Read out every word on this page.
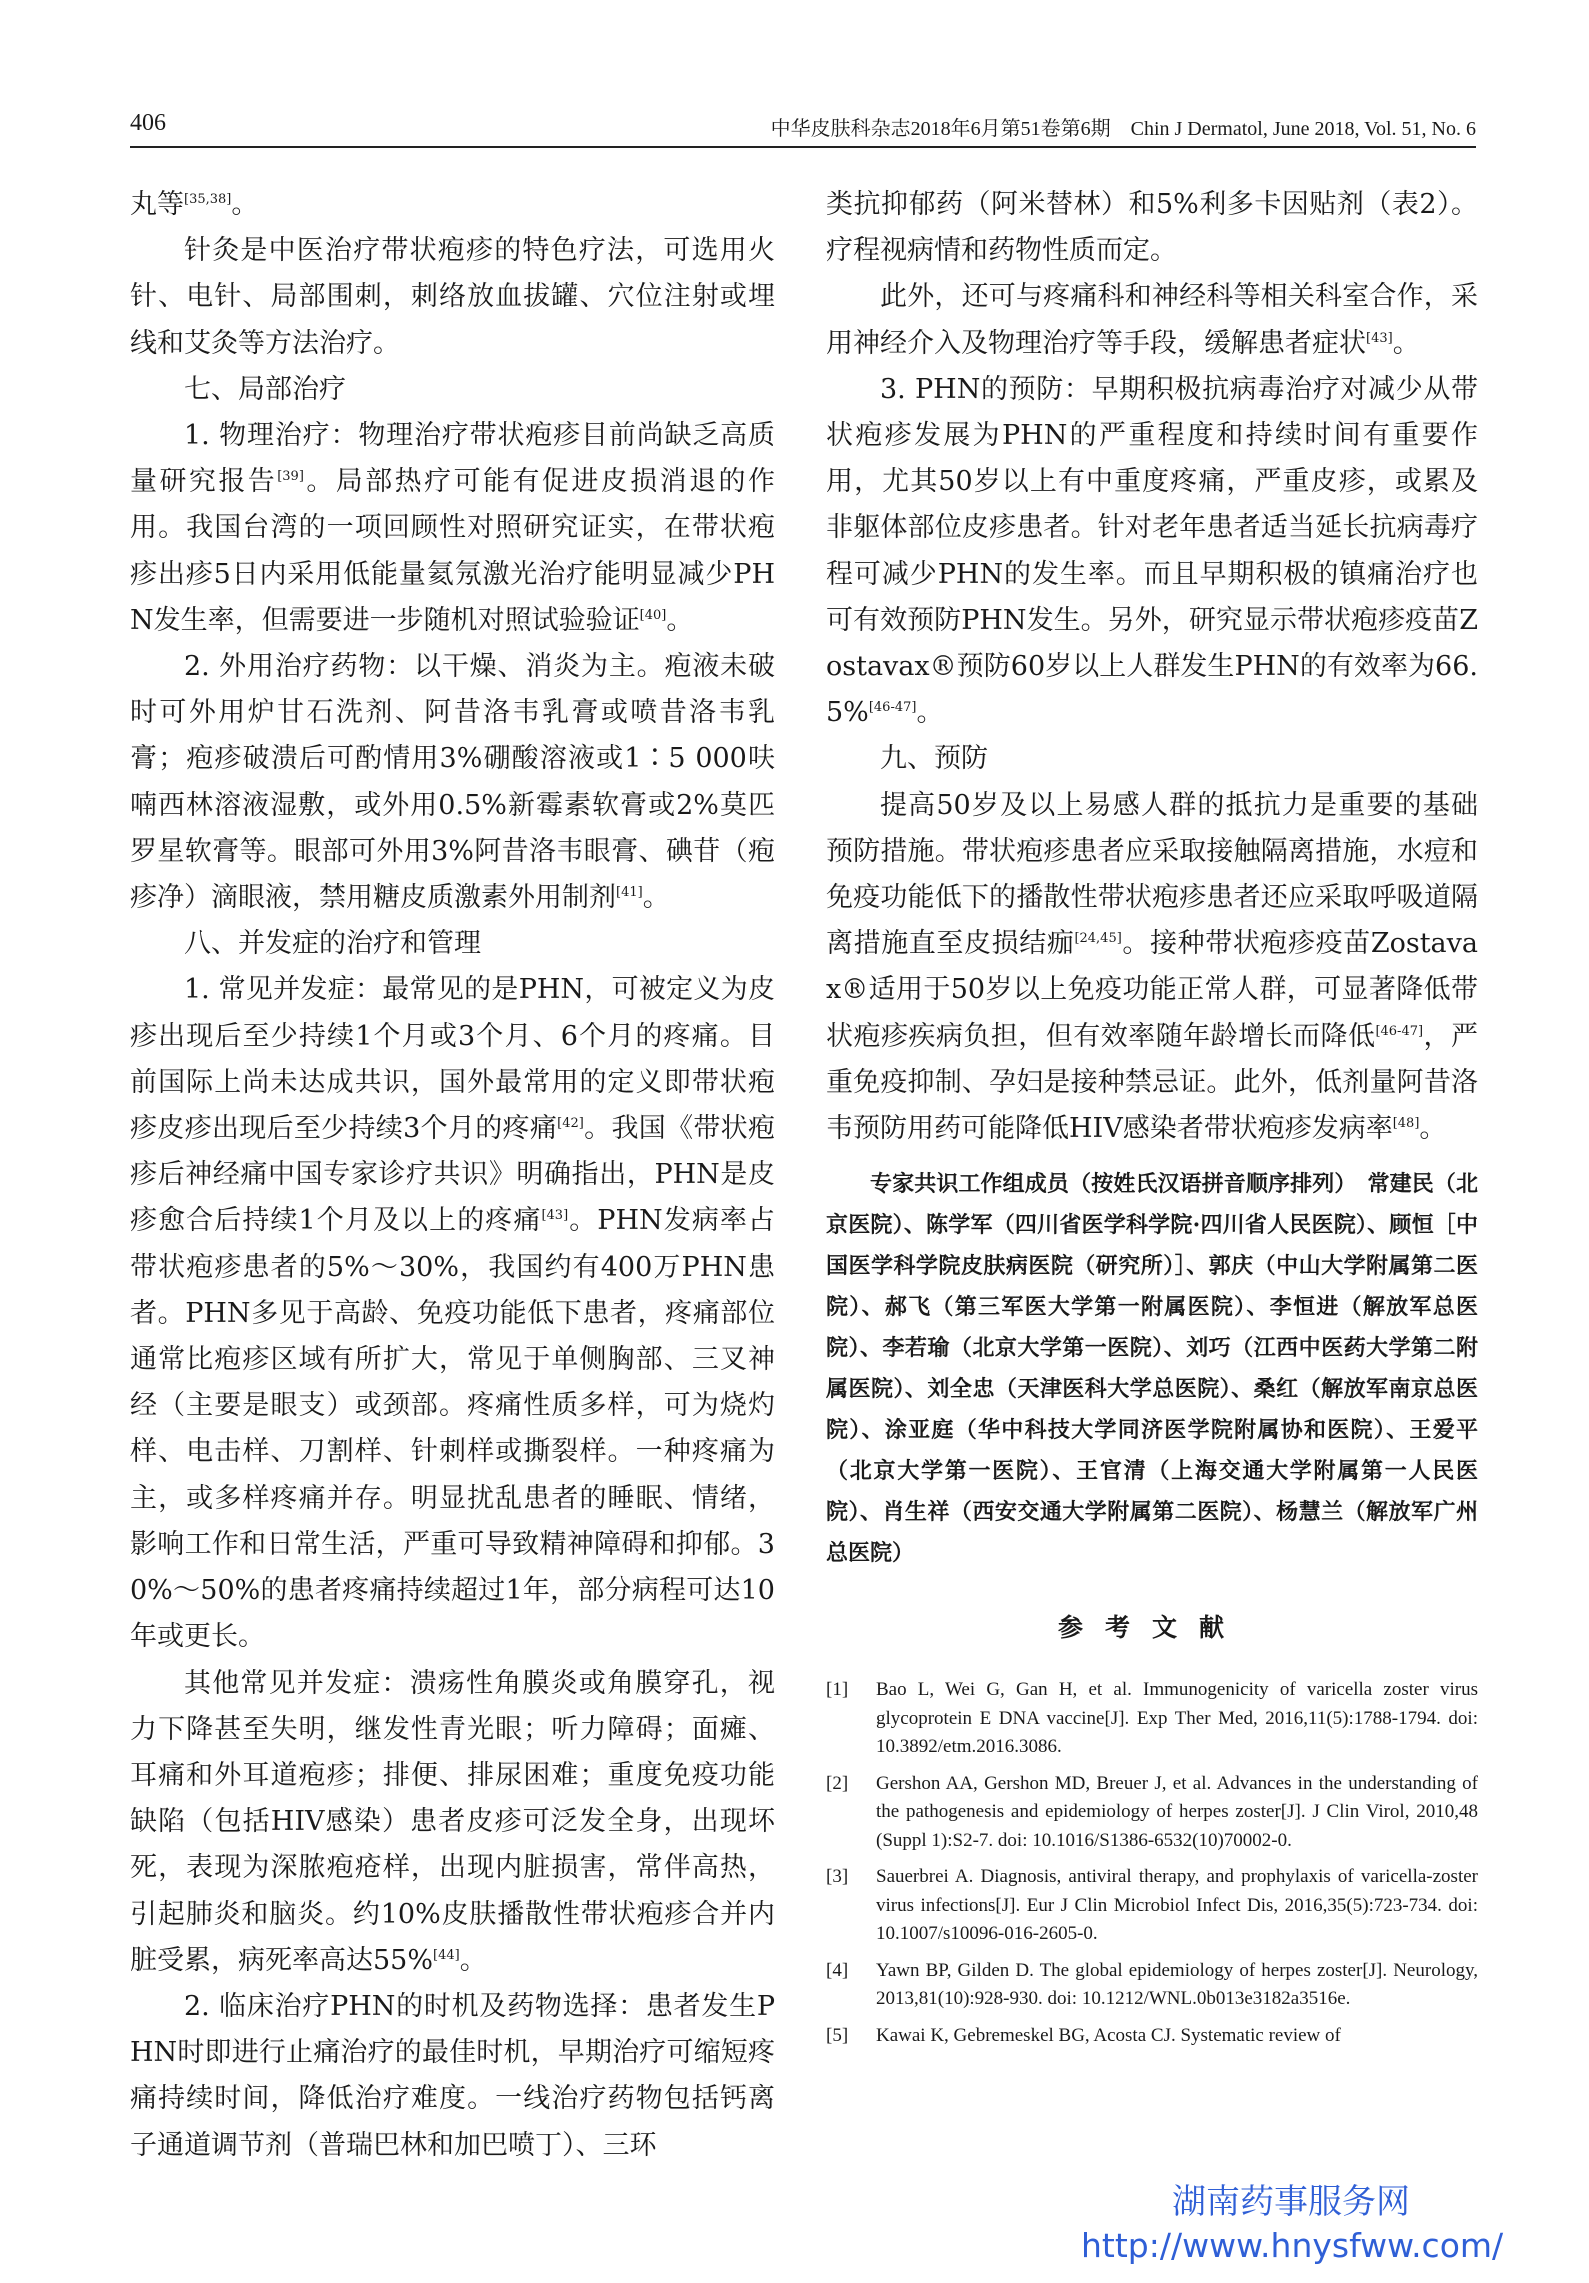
406	中华皮肤科杂志2018年6月第51卷第6期　Chin J Dermatol, June 2018, Vol. 51, No. 6

丸等[35,38]。

针灸是中医治疗带状疱疹的特色疗法，可选用火针、电针、局部围刺，刺络放血拔罐、穴位注射或埋线和艾灸等方法治疗。

七、局部治疗

1. 物理治疗：物理治疗带状疱疹目前尚缺乏高质量研究报告[39]。局部热疗可能有促进皮损消退的作用。我国台湾的一项回顾性对照研究证实，在带状疱疹出疹5日内采用低能量氦氖激光治疗能明显减少PHN发生率，但需要进一步随机对照试验验证[40]。

2. 外用治疗药物：以干燥、消炎为主。疱液未破时可外用炉甘石洗剂、阿昔洛韦乳膏或喷昔洛韦乳膏；疱疹破溃后可酌情用3%硼酸溶液或1∶5 000呋喃西林溶液湿敷，或外用0.5%新霉素软膏或2%莫匹罗星软膏等。眼部可外用3%阿昔洛韦眼膏、碘苷（疱疹净）滴眼液，禁用糖皮质激素外用制剂[41]。

八、并发症的治疗和管理

1. 常见并发症：最常见的是PHN，可被定义为皮疹出现后至少持续1个月或3个月、6个月的疼痛。目前国际上尚未达成共识，国外最常用的定义即带状疱疹皮疹出现后至少持续3个月的疼痛[42]。我国《带状疱疹后神经痛中国专家诊疗共识》明确指出，PHN是皮疹愈合后持续1个月及以上的疼痛[43]。PHN发病率占带状疱疹患者的5%～30%，我国约有400万PHN患者。PHN多见于高龄、免疫功能低下患者，疼痛部位通常比疱疹区域有所扩大，常见于单侧胸部、三叉神经（主要是眼支）或颈部。疼痛性质多样，可为烧灼样、电击样、刀割样、针刺样或撕裂样。一种疼痛为主，或多样疼痛并存。明显扰乱患者的睡眠、情绪，影响工作和日常生活，严重可导致精神障碍和抑郁。30%～50%的患者疼痛持续超过1年，部分病程可达10年或更长。

其他常见并发症：溃疡性角膜炎或角膜穿孔，视力下降甚至失明，继发性青光眼；听力障碍；面瘫、耳痛和外耳道疱疹；排便、排尿困难；重度免疫功能缺陷（包括HIV感染）患者皮疹可泛发全身，出现坏死，表现为深脓疱疮样，出现内脏损害，常伴高热，引起肺炎和脑炎。约10%皮肤播散性带状疱疹合并内脏受累，病死率高达55%[44]。

2. 临床治疗PHN的时机及药物选择：患者发生PHN时即进行止痛治疗的最佳时机，早期治疗可缩短疼痛持续时间，降低治疗难度。一线治疗药物包括钙离子通道调节剂（普瑞巴林和加巴喷丁）、三环

类抗抑郁药（阿米替林）和5%利多卡因贴剂（表2）。疗程视病情和药物性质而定。

此外，还可与疼痛科和神经科等相关科室合作，采用神经介入及物理治疗等手段，缓解患者症状[43]。

3. PHN的预防：早期积极抗病毒治疗对减少从带状疱疹发展为PHN的严重程度和持续时间有重要作用，尤其50岁以上有中重度疼痛，严重皮疹，或累及非躯体部位皮疹患者。针对老年患者适当延长抗病毒疗程可减少PHN的发生率。而且早期积极的镇痛治疗也可有效预防PHN发生。另外，研究显示带状疱疹疫苗Zostavax®预防60岁以上人群发生PHN的有效率为66.5%[46-47]。

九、预防

提高50岁及以上易感人群的抵抗力是重要的基础预防措施。带状疱疹患者应采取接触隔离措施，水痘和免疫功能低下的播散性带状疱疹患者还应采取呼吸道隔离措施直至皮损结痂[24,45]。接种带状疱疹疫苗Zostavax®适用于50岁以上免疫功能正常人群，可显著降低带状疱疹疾病负担，但有效率随年龄增长而降低[46-47]，严重免疫抑制、孕妇是接种禁忌证。此外，低剂量阿昔洛韦预防用药可能降低HIV感染者带状疱疹发病率[48]。

专家共识工作组成员（按姓氏汉语拼音顺序排列）　常建民（北京医院）、陈学军（四川省医学科学院·四川省人民医院）、顾恒［中国医学科学院皮肤病医院（研究所）］、郭庆（中山大学附属第二医院）、郝飞（第三军医大学第一附属医院）、李恒进（解放军总医院）、李若瑜（北京大学第一医院）、刘巧（江西中医药大学第二附属医院）、刘全忠（天津医科大学总医院）、桑红（解放军南京总医院）、涂亚庭（华中科技大学同济医学院附属协和医院）、王爱平（北京大学第一医院）、王官清（上海交通大学附属第一人民医院）、肖生祥（西安交通大学附属第二医院）、杨慧兰（解放军广州总医院）

参考文献
[1]	Bao L, Wei G, Gan H, et al. Immunogenicity of varicella zoster virus glycoprotein E DNA vaccine[J]. Exp Ther Med, 2016,11(5):1788-1794. doi: 10.3892/etm.2016.3086.
[2]	Gershon AA, Gershon MD, Breuer J, et al. Advances in the understanding of the pathogenesis and epidemiology of herpes zoster[J]. J Clin Virol, 2010,48 (Suppl 1):S2-7. doi: 10.1016/S1386-6532(10)70002-0.
[3]	Sauerbrei A. Diagnosis, antiviral therapy, and prophylaxis of varicella-zoster virus infections[J]. Eur J Clin Microbiol Infect Dis, 2016,35(5):723-734. doi: 10.1007/s10096-016-2605-0.
[4]	Yawn BP, Gilden D. The global epidemiology of herpes zoster[J]. Neurology, 2013,81(10):928-930. doi: 10.1212/WNL.0b013e3182a3516e.
[5]	Kawai K, Gebremeskel BG, Acosta CJ. Systematic review of
湖南药事服务网
http://www.hnysfww.com/
